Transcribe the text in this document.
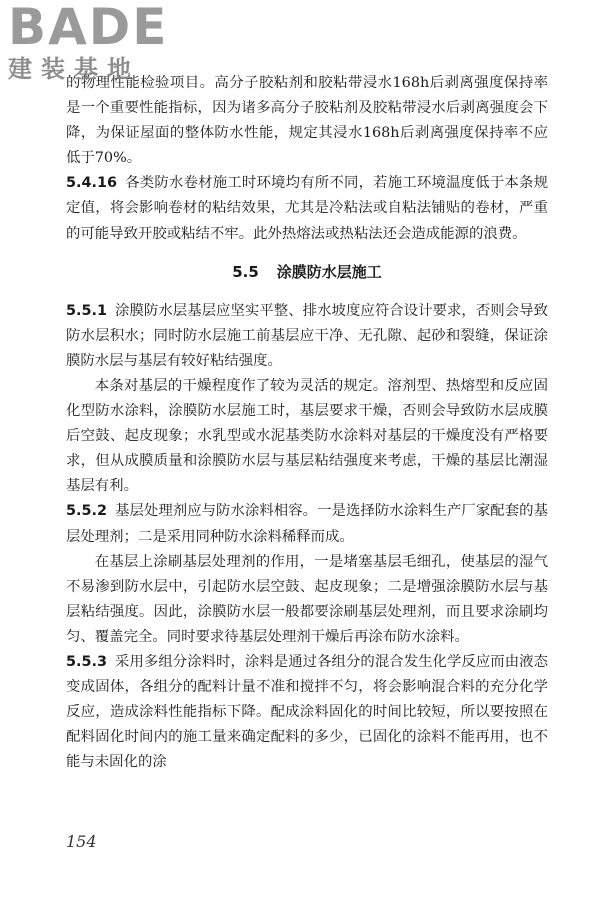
BADE
建装基地

的物理性能检验项目。高分子胶粘剂和胶粘带浸水168h后剥离强度保持率是一个重要性能指标，因为诸多高分子胶粘剂及胶粘带浸水后剥离强度会下降，为保证屋面的整体防水性能，规定其浸水168h后剥离强度保持率不应低于70%。

5.4.16 各类防水卷材施工时环境均有所不同，若施工环境温度低于本条规定值，将会影响卷材的粘结效果，尤其是冷粘法或自粘法铺贴的卷材，严重的可能导致开胶或粘结不牢。此外热熔法或热粘法还会造成能源的浪费。

5.5 涂膜防水层施工

5.5.1 涂膜防水层基层应坚实平整、排水坡度应符合设计要求，否则会导致防水层积水；同时防水层施工前基层应干净、无孔隙、起砂和裂缝，保证涂膜防水层与基层有较好粘结强度。

本条对基层的干燥程度作了较为灵活的规定。溶剂型、热熔型和反应固化型防水涂料，涂膜防水层施工时，基层要求干燥，否则会导致防水层成膜后空鼓、起皮现象；水乳型或水泥基类防水涂料对基层的干燥度没有严格要求，但从成膜质量和涂膜防水层与基层粘结强度来考虑，干燥的基层比潮湿基层有利。

5.5.2 基层处理剂应与防水涂料相容。一是选择防水涂料生产厂家配套的基层处理剂；二是采用同种防水涂料稀释而成。

在基层上涂刷基层处理剂的作用，一是堵塞基层毛细孔，使基层的湿气不易渗到防水层中，引起防水层空鼓、起皮现象；二是增强涂膜防水层与基层粘结强度。因此，涂膜防水层一般都要涂刷基层处理剂，而且要求涂刷均匀、覆盖完全。同时要求待基层处理剂干燥后再涂布防水涂料。

5.5.3 采用多组分涂料时，涂料是通过各组分的混合发生化学反应而由液态变成固体，各组分的配料计量不准和搅拌不匀，将会影响混合料的充分化学反应，造成涂料性能指标下降。配成涂料固化的时间比较短，所以要按照在配料固化时间内的施工量来确定配料的多少，已固化的涂料不能再用，也不能与未固化的涂

154
